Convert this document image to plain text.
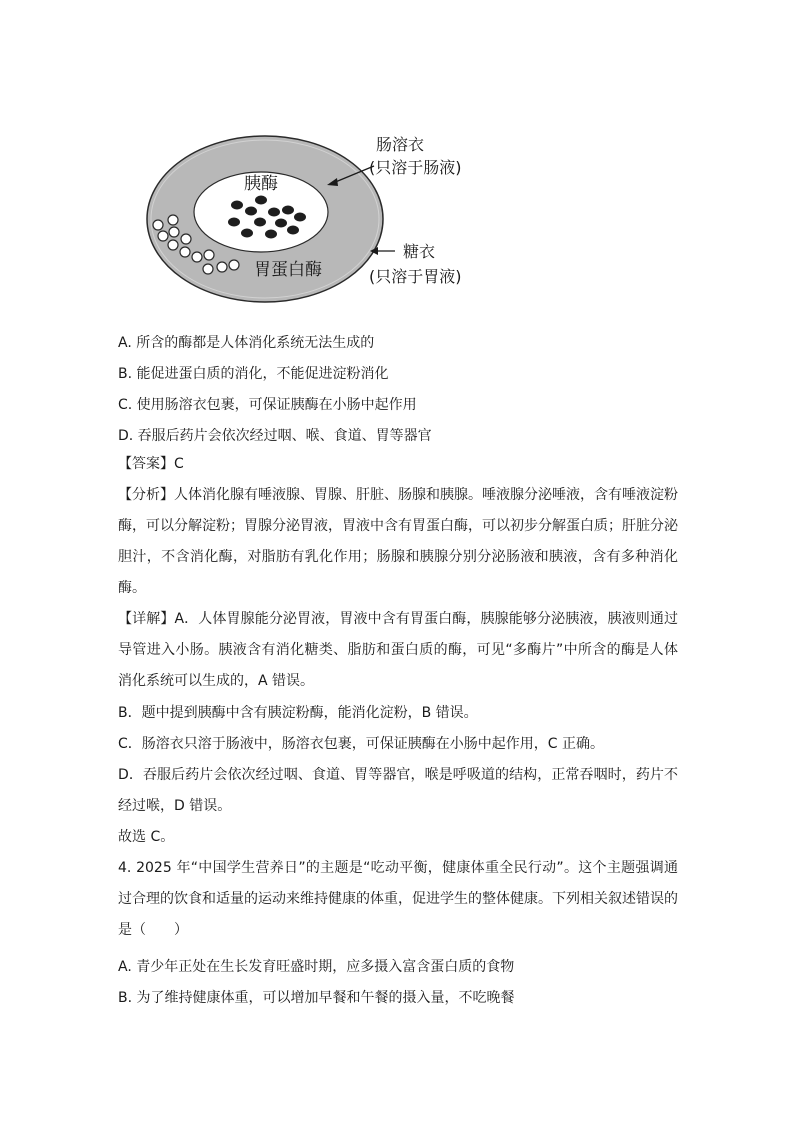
胰酶
胃蛋白酶
肠溶衣
(只溶于肠液)
糖衣
(只溶于胃液)
A. 所含的酶都是人体消化系统无法生成的
B. 能促进蛋白质的消化，不能促进淀粉消化
C. 使用肠溶衣包裹，可保证胰酶在小肠中起作用
D. 吞服后药片会依次经过咽、喉、食道、胃等器官

【答案】C

【分析】人体消化腺有唾液腺、胃腺、肝脏、肠腺和胰腺。唾液腺分泌唾液，含有唾液淀粉酶，可以分解淀粉；胃腺分泌胃液，胃液中含有胃蛋白酶，可以初步分解蛋白质；肝脏分泌胆汁，不含消化酶，对脂肪有乳化作用；肠腺和胰腺分别分泌肠液和胰液，含有多种消化酶。

【详解】A．人体胃腺能分泌胃液，胃液中含有胃蛋白酶，胰腺能够分泌胰液，胰液则通过导管进入小肠。胰液含有消化糖类、脂肪和蛋白质的酶，可见“多酶片”中所含的酶是人体消化系统可以生成的，A 错误。

B．题中提到胰酶中含有胰淀粉酶，能消化淀粉，B 错误。

C．肠溶衣只溶于肠液中，肠溶衣包裹，可保证胰酶在小肠中起作用，C 正确。

D．吞服后药片会依次经过咽、食道、胃等器官，喉是呼吸道的结构，正常吞咽时，药片不经过喉，D 错误。

故选 C。

4. 2025 年“中国学生营养日”的主题是“吃动平衡，健康体重全民行动”。这个主题强调通过合理的饮食和适量的运动来维持健康的体重，促进学生的整体健康。下列相关叙述错误的是（　　）

A. 青少年正处在生长发育旺盛时期，应多摄入富含蛋白质的食物
B. 为了维持健康体重，可以增加早餐和午餐的摄入量，不吃晚餐
